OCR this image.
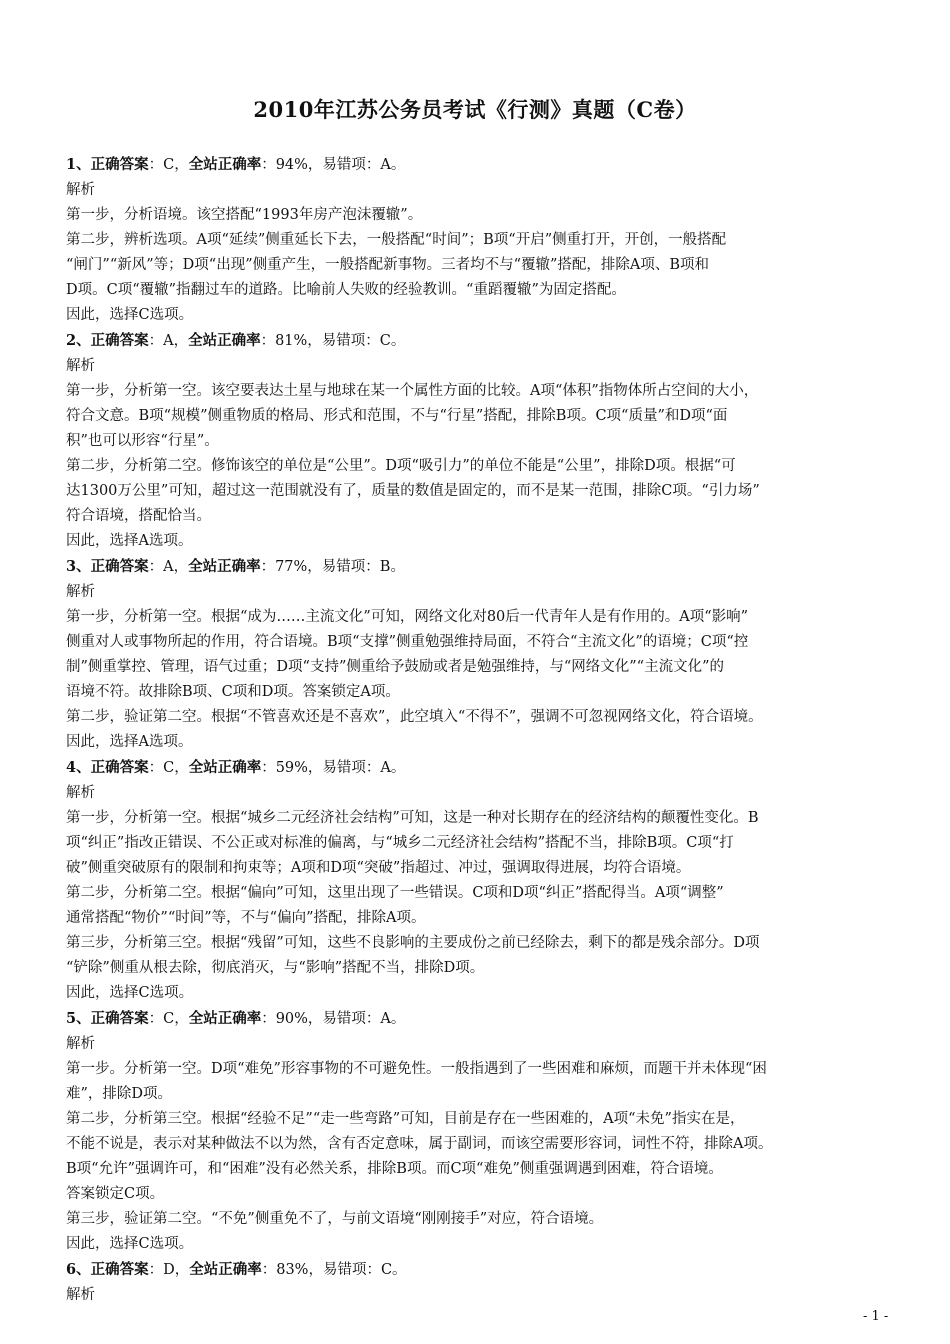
2010年江苏公务员考试《行测》真题（C卷）
1、正确答案：C，全站正确率：94%，易错项：A。
解析
第一步，分析语境。该空搭配“1993年房产泡沫覆辙”。
第二步，辨析选项。A项“延续”侧重延长下去，一般搭配“时间”；B项“开启”侧重打开，开创，一般搭配
“闸门”“新风”等；D项“出现”侧重产生，一般搭配新事物。三者均不与“覆辙”搭配，排除A项、B项和
D项。C项“覆辙”指翻过车的道路。比喻前人失败的经验教训。“重蹈覆辙”为固定搭配。
因此，选择C选项。
2、正确答案：A，全站正确率：81%，易错项：C。
解析
第一步，分析第一空。该空要表达土星与地球在某一个属性方面的比较。A项“体积”指物体所占空间的大小，
符合文意。B项“规模”侧重物质的格局、形式和范围，不与“行星”搭配，排除B项。C项“质量”和D项“面
积”也可以形容“行星”。
第二步，分析第二空。修饰该空的单位是“公里”。D项“吸引力”的单位不能是“公里”，排除D项。根据“可
达1300万公里”可知，超过这一范围就没有了，质量的数值是固定的，而不是某一范围，排除C项。“引力场”
符合语境，搭配恰当。
因此，选择A选项。
3、正确答案：A，全站正确率：77%，易错项：B。
解析
第一步，分析第一空。根据“成为……主流文化”可知，网络文化对80后一代青年人是有作用的。A项“影响”
侧重对人或事物所起的作用，符合语境。B项“支撑”侧重勉强维持局面，不符合“主流文化”的语境；C项“控
制”侧重掌控、管理，语气过重；D项“支持”侧重给予鼓励或者是勉强维持，与“网络文化”“主流文化”的
语境不符。故排除B项、C项和D项。答案锁定A项。
第二步，验证第二空。根据“不管喜欢还是不喜欢”，此空填入“不得不”，强调不可忽视网络文化，符合语境。
因此，选择A选项。
4、正确答案：C，全站正确率：59%，易错项：A。
解析
第一步，分析第一空。根据“城乡二元经济社会结构”可知，这是一种对长期存在的经济结构的颠覆性变化。B
项“纠正”指改正错误、不公正或对标准的偏离，与“城乡二元经济社会结构”搭配不当，排除B项。C项“打
破”侧重突破原有的限制和拘束等；A项和D项“突破”指超过、冲过，强调取得进展，均符合语境。
第二步，分析第二空。根据“偏向”可知，这里出现了一些错误。C项和D项“纠正”搭配得当。A项“调整”
通常搭配“物价”“时间”等，不与“偏向”搭配，排除A项。
第三步，分析第三空。根据“残留”可知，这些不良影响的主要成份之前已经除去，剩下的都是残余部分。D项
“铲除”侧重从根去除，彻底消灭，与“影响”搭配不当，排除D项。
因此，选择C选项。
5、正确答案：C，全站正确率：90%，易错项：A。
解析
第一步。分析第一空。D项“难免”形容事物的不可避免性。一般指遇到了一些困难和麻烦，而题干并未体现“困
难”，排除D项。
第二步，分析第三空。根据“经验不足”“走一些弯路”可知，目前是存在一些困难的，A项“未免”指实在是，
不能不说是，表示对某种做法不以为然，含有否定意味，属于副词，而该空需要形容词，词性不符，排除A项。
B项“允许”强调许可，和“困难”没有必然关系，排除B项。而C项“难免”侧重强调遇到困难，符合语境。
答案锁定C项。
第三步，验证第二空。“不免”侧重免不了，与前文语境“刚刚接手”对应，符合语境。
因此，选择C选项。
6、正确答案：D，全站正确率：83%，易错项：C。
解析
- 1 -
